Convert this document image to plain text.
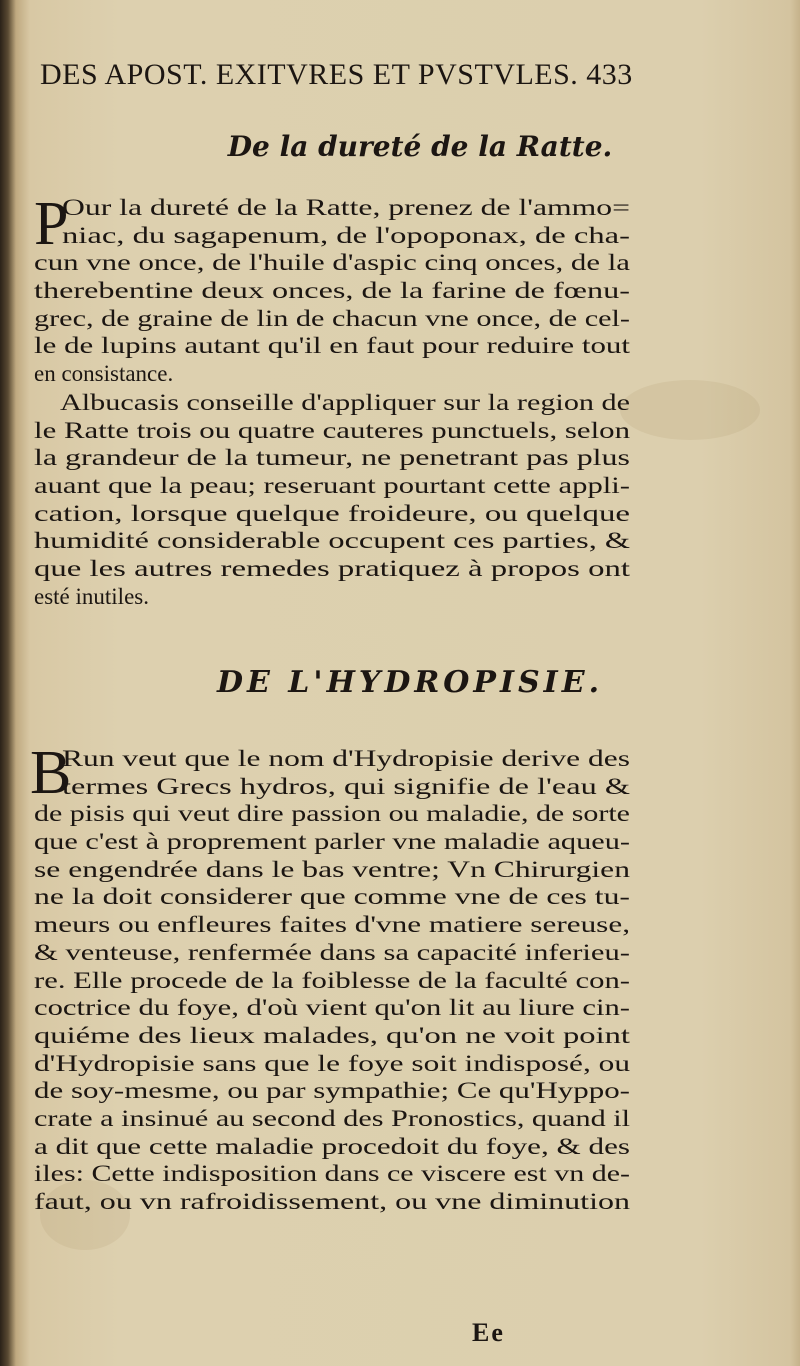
DES APOST. EXITVRES ET PVSTVLES. 433
De la dureté de la Ratte.
P
Our la dureté de la Ratte, prenez de l'ammo=
niac, du sagapenum, de l'opoponax, de cha-
cun vne once, de l'huile d'aspic cinq onces, de la
therebentine deux onces, de la farine de fœnu-
grec, de graine de lin de chacun vne once, de cel-
le de lupins autant qu'il en faut pour reduire tout
en consistance.
Albucasis conseille d'appliquer sur la region de
le Ratte trois ou quatre cauteres punctuels, selon
la grandeur de la tumeur, ne penetrant pas plus
auant que la peau; reseruant pourtant cette appli-
cation, lorsque quelque froideure, ou quelque
humidité considerable occupent ces parties, &
que les autres remedes pratiquez à propos ont
esté inutiles.
DE L'HYDROPISIE.
B
Run veut que le nom d'Hydropisie derive des
termes Grecs hydros, qui signifie de l'eau &
de pisis qui veut dire passion ou maladie, de sorte
que c'est à proprement parler vne maladie aqueu-
se engendrée dans le bas ventre; Vn Chirurgien
ne la doit considerer que comme vne de ces tu-
meurs ou enfleures faites d'vne matiere sereuse,
& venteuse, renfermée dans sa capacité inferieu-
re. Elle procede de la foiblesse de la faculté con-
coctrice du foye, d'où vient qu'on lit au liure cin-
quiéme des lieux malades, qu'on ne voit point
d'Hydropisie sans que le foye soit indisposé, ou
de soy-mesme, ou par sympathie; Ce qu'Hyppo-
crate a insinué au second des Pronostics, quand il
a dit que cette maladie procedoit du foye, & des
iles: Cette indisposition dans ce viscere est vn de-
faut, ou vn rafroidissement, ou vne diminution
Ee
